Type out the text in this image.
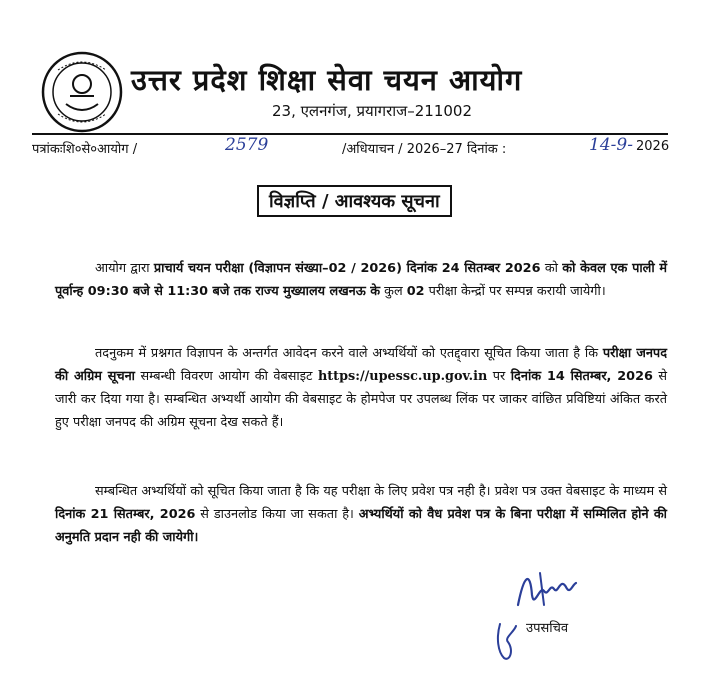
उत्तर प्रदेश शिक्षा सेवा चयन आयोग
23, एलनगंज, प्रयागराज–211002
पत्रांकःशि०से०आयोग /	2579	/अधियाचन / 2026–27 दिनांक :	14-9- 2026
विज्ञप्ति / आवश्यक सूचना
आयोग द्वारा प्राचार्य चयन परीक्षा (विज्ञापन संख्या–02 / 2026) दिनांक 24 सितम्बर 2026 को को केवल एक पाली में पूर्वान्ह 09:30 बजे से 11:30 बजे तक राज्य मुख्यालय लखनऊ के कुल 02 परीक्षा केन्द्रों पर सम्पन्न करायी जायेगी।
तदनुकम में प्रश्नगत विज्ञापन के अन्तर्गत आवेदन करने वाले अभ्यर्थियों को एतद्द्वारा सूचित किया जाता है कि परीक्षा जनपद की अग्रिम सूचना सम्बन्धी विवरण आयोग की वेबसाइट https://upessc.up.gov.in पर दिनांक 14 सितम्बर, 2026 से जारी कर दिया गया है। सम्बन्धित अभ्यर्थी आयोग की वेबसाइट के होमपेज पर उपलब्ध लिंक पर जाकर वांछित प्रविष्टियां अंकित करते हुए परीक्षा जनपद की अग्रिम सूचना देख सकते हैं।
सम्बन्धित अभ्यर्थियों को सूचित किया जाता है कि यह परीक्षा के लिए प्रवेश पत्र नही है। प्रवेश पत्र उक्त वेबसाइट के माध्यम से दिनांक 21 सितम्बर, 2026 से डाउनलोड किया जा सकता है। अभ्यर्थियों को वैध प्रवेश पत्र के बिना परीक्षा में सम्मिलित होने की अनुमति प्रदान नही की जायेगी।
उपसचिव
